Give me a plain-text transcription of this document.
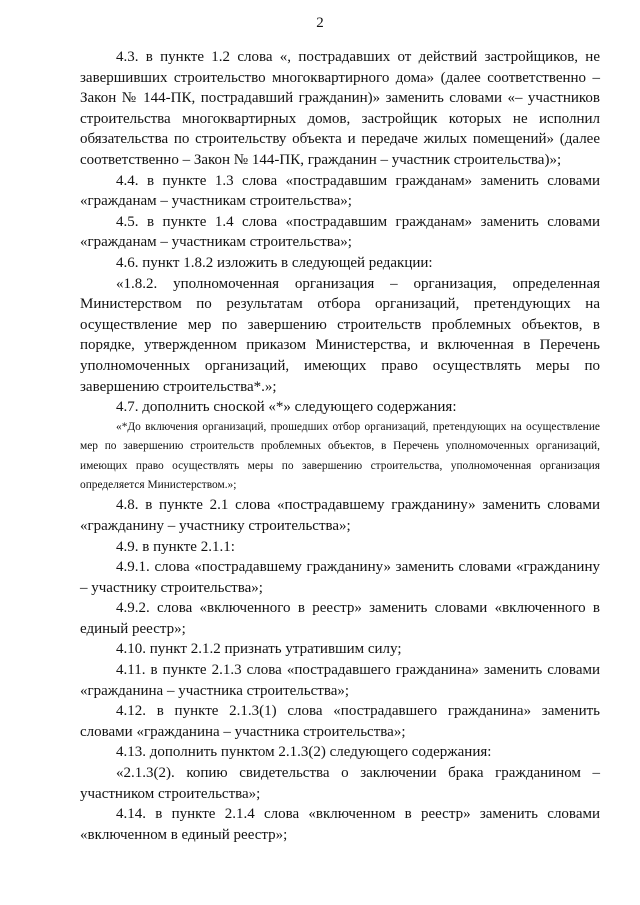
2

4.3. в пункте 1.2 слова «, пострадавших от действий застройщиков, не завершивших строительство многоквартирного дома» (далее соответственно – Закон № 144-ПК, пострадавший гражданин)» заменить словами «– участников строительства многоквартирных домов, застройщик которых не исполнил обязательства по строительству объекта и передаче жилых помещений» (далее соответственно – Закон № 144-ПК, гражданин – участник строительства)»;

4.4. в пункте 1.3 слова «пострадавшим гражданам» заменить словами «гражданам – участникам строительства»;

4.5. в пункте 1.4 слова «пострадавшим гражданам» заменить словами «гражданам – участникам строительства»;

4.6. пункт 1.8.2 изложить в следующей редакции:

«1.8.2. уполномоченная организация – организация, определенная Министерством по результатам отбора организаций, претендующих на осуществление мер по завершению строительств проблемных объектов, в порядке, утвержденном приказом Министерства, и включенная в Перечень уполномоченных организаций, имеющих право осуществлять меры по завершению строительства*.»;

4.7. дополнить сноской «*» следующего содержания:

«*До включения организаций, прошедших отбор организаций, претендующих на осуществление мер по завершению строительств проблемных объектов, в Перечень уполномоченных организаций, имеющих право осуществлять меры по завершению строительства, уполномоченная организация определяется Министерством.»;

4.8. в пункте 2.1 слова «пострадавшему гражданину» заменить словами «гражданину – участнику строительства»;

4.9. в пункте 2.1.1:

4.9.1. слова «пострадавшему гражданину» заменить словами «гражданину – участнику строительства»;

4.9.2. слова «включенного в реестр» заменить словами «включенного в единый реестр»;

4.10. пункт 2.1.2 признать утратившим силу;

4.11. в пункте 2.1.3 слова «пострадавшего гражданина» заменить словами «гражданина – участника строительства»;

4.12. в пункте 2.1.3(1) слова «пострадавшего гражданина» заменить словами «гражданина – участника строительства»;

4.13. дополнить пунктом 2.1.3(2) следующего содержания:

«2.1.3(2). копию свидетельства о заключении брака гражданином – участником строительства»;

4.14. в пункте 2.1.4 слова «включенном в реестр» заменить словами «включенном в единый реестр»;
